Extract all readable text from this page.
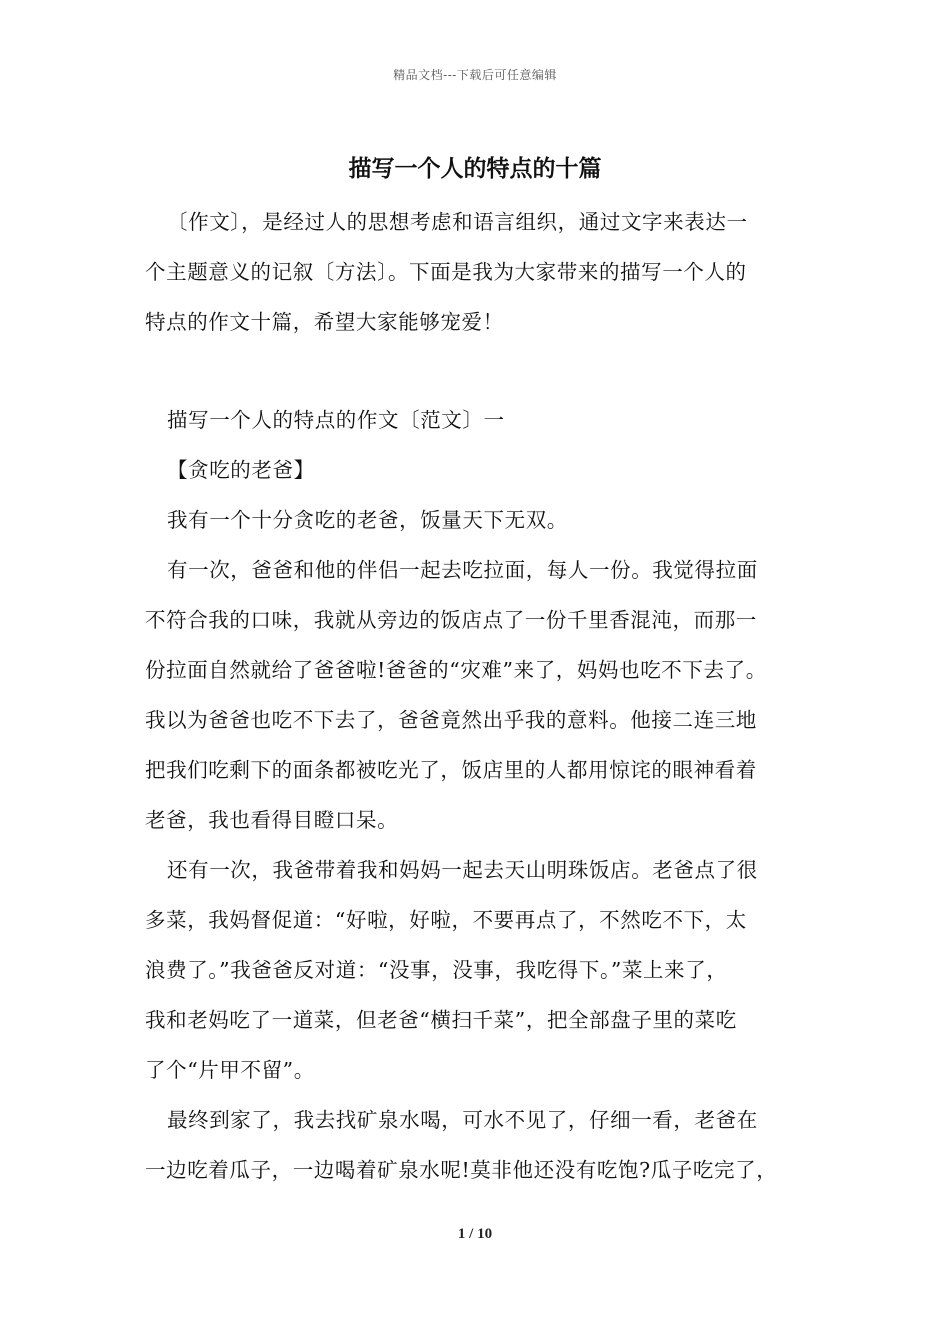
精品文档---下载后可任意编辑
描写一个人的特点的十篇
〔作文〕，是经过人的思想考虑和语言组织，通过文字来表达一
个主题意义的记叙〔方法〕。下面是我为大家带来的描写一个人的
特点的作文十篇，希望大家能够宠爱！
描写一个人的特点的作文〔范文〕一
【贪吃的老爸】
我有一个十分贪吃的老爸，饭量天下无双。
有一次，爸爸和他的伴侣一起去吃拉面，每人一份。我觉得拉面
不符合我的口味，我就从旁边的饭店点了一份千里香混沌，而那一
份拉面自然就给了爸爸啦!爸爸的“灾难”来了，妈妈也吃不下去了。
我以为爸爸也吃不下去了，爸爸竟然出乎我的意料。他接二连三地
把我们吃剩下的面条都被吃光了，饭店里的人都用惊诧的眼神看着
老爸，我也看得目瞪口呆。
还有一次，我爸带着我和妈妈一起去天山明珠饭店。老爸点了很
多菜，我妈督促道：“好啦，好啦，不要再点了，不然吃不下，太
浪费了。”我爸爸反对道：“没事，没事，我吃得下。”菜上来了，
我和老妈吃了一道菜，但老爸“横扫千菜”，把全部盘子里的菜吃
了个“片甲不留”。
最终到家了，我去找矿泉水喝，可水不见了，仔细一看，老爸在
一边吃着瓜子，一边喝着矿泉水呢!莫非他还没有吃饱?瓜子吃完了，
1 / 10
